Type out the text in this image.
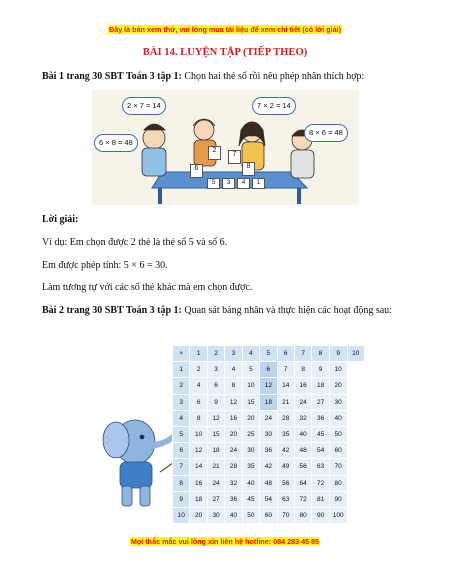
Đây là bản xem thử, vui lòng mua tài liệu để xem chi tiết (có lời giải)
BÀI 14. LUYỆN TẬP (TIẾP THEO)
Bài 1 trang 30 SBT Toán 3 tập 1: Chọn hai thẻ số rồi nêu phép nhân thích hợp:
2 × 7 = 14	7 × 2 = 14
6 × 8 = 48
8 × 6 = 48
2
7
6	8
5	3	4	1
Lời giải:
Ví dụ: Em chọn được 2 thẻ là thẻ số 5 và số 6.
Em được phép tính: 5 × 6 = 30.
Làm tương tự với các số thẻ khác mà em chọn được.
Bài 2 trang 30 SBT Toán 3 tập 1: Quan sát bảng nhân và thực hiện các hoạt động sau:
×	1	2	3	4	5	6	7	8	9	10
1	2	3	4	5	6	7	8	9	10	
2	4	6	8	10	12	14	16	18	20	
3	6	9	12	15	18	21	24	27	30	
4	8	12	16	20	24	28	32	36	40	
5	10	15	20	25	30	35	40	45	50	
6	12	18	24	30	36	42	48	54	60	
7	14	21	28	35	42	49	56	63	70	
8	16	24	32	40	48	56	64	72	80	
9	18	27	36	45	54	63	72	81	90	
10	20	30	40	50	60	70	80	90	100	
Mọi thắc mắc vui lòng xin liên hệ hotline: 084 283 45 85
